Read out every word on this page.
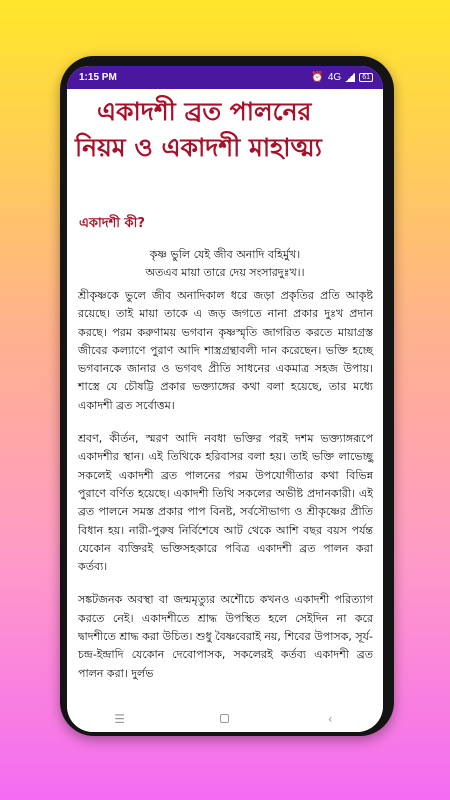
1:15 PM	⏰ 4G	61
একাদশী ব্রত পালনের
নিয়ম ও একাদশী মাহাত্ম্য
একাদশী কী?
কৃষ্ণ ভুলি যেই জীব অনাদি বহির্মুখ।
অতএব মায়া তারে দেয় সংসারদুঃখ।।

শ্রীকৃষ্ণকে ভুলে জীব অনাদিকাল ধরে জড়া প্রকৃতির প্রতি আকৃষ্ট রয়েছে। তাই মায়া তাকে এ জড় জগতে নানা প্রকার দুঃখ প্রদান করছে। পরম করুণাময় ভগবান কৃষ্ণস্মৃতি জাগরিত করতে মায়াগ্রস্ত জীবের কল্যাণে পুরাণ আদি শাস্ত্রগ্রন্থাবলী দান করেছেন। ভক্তি হচ্ছে ভগবানকে জানার ও ভগবৎ প্রীতি সাধনের একমাত্র সহজ উপায়। শাস্ত্রে যে চৌষট্টি প্রকার ভক্ত্যাঙ্গের কথা বলা হয়েছে, তার মধ্যে একাদশী ব্রত সর্বোত্তম।

শ্রবণ, কীর্তন, স্মরণ আদি নবধা ভক্তির পরই দশম ভক্ত্যাঙ্গরূপে একাদশীর স্থান। এই তিথিকে হরিবাসর বলা হয়। তাই ভক্তি লাভেচ্ছু সকলেই একাদশী ব্রত পালনের পরম উপযোগীতার কথা বিভিন্ন পুরাণে বর্ণিত হয়েছে। একাদশী তিথি সকলের অভীষ্ট প্রদানকারী। এই ব্রত পালনে সমস্ত প্রকার পাপ বিনষ্ট, সর্বসৌভাগ্য ও শ্রীকৃষ্ণের প্রীতি বিধান হয়। নারী-পুরুষ নির্বিশেষে আট থেকে আশি বছর বয়স পর্যন্ত যেকোন ব্যক্তিরই ভক্তিসহকারে পবিত্র একাদশী ব্রত পালন করা কর্তব্য।

সঙ্কটজনক অবস্থা বা জন্মমৃত্যুর অশৌচে কখনও একাদশী পরিত্যাগ করতে নেই। একাদশীতে শ্রাদ্ধ উপস্থিত হলে সেইদিন না করে দ্বাদশীতে শ্রাদ্ধ করা উচিত। শুধু বৈষ্ণবেরাই নয়, শিবের উপাসক, সূর্য-চন্দ্র-ইন্দ্রাদি যেকোন দেবোপাসক, সকলেরই কর্তব্য একাদশী ব্রত পালন করা। দুর্লভ

☰	‹
